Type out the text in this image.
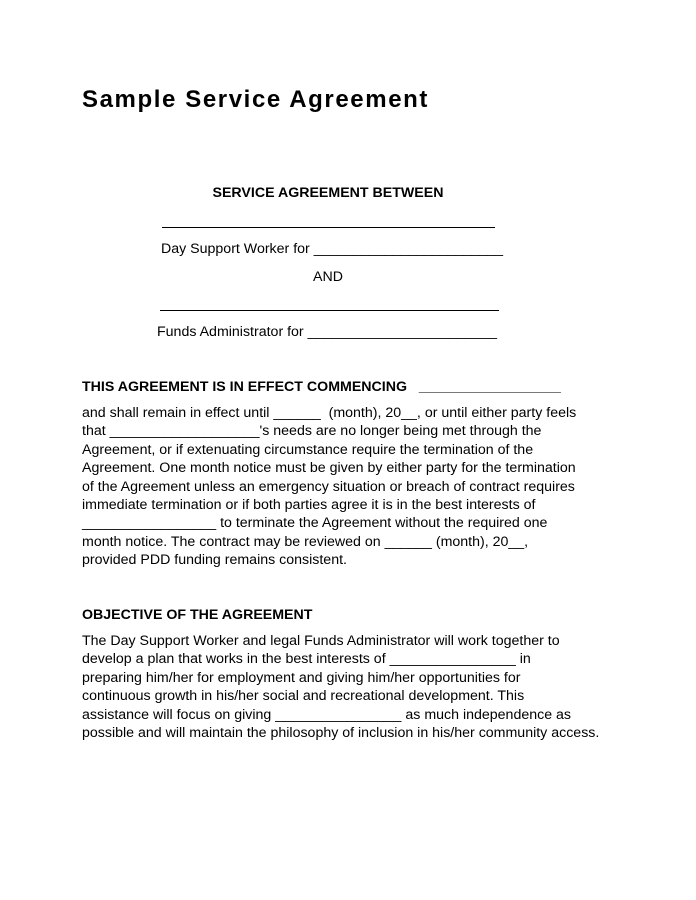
Sample Service Agreement
SERVICE AGREEMENT BETWEEN
Day Support Worker for ________________________
AND
Funds Administrator for ________________________
THIS AGREEMENT IS IN EFFECT COMMENCING   __________________
and shall remain in effect until ______  (month), 20__, or until either party feels
that ___________________'s needs are no longer being met through the
Agreement, or if extenuating circumstance require the termination of the
Agreement. One month notice must be given by either party for the termination
of the Agreement unless an emergency situation or breach of contract requires
immediate termination or if both parties agree it is in the best interests of
_________________ to terminate the Agreement without the required one
month notice. The contract may be reviewed on ______ (month), 20__,
provided PDD funding remains consistent.
OBJECTIVE OF THE AGREEMENT
The Day Support Worker and legal Funds Administrator will work together to
develop a plan that works in the best interests of ________________ in
preparing him/her for employment and giving him/her opportunities for
continuous growth in his/her social and recreational development. This
assistance will focus on giving ________________ as much independence as
possible and will maintain the philosophy of inclusion in his/her community access.
